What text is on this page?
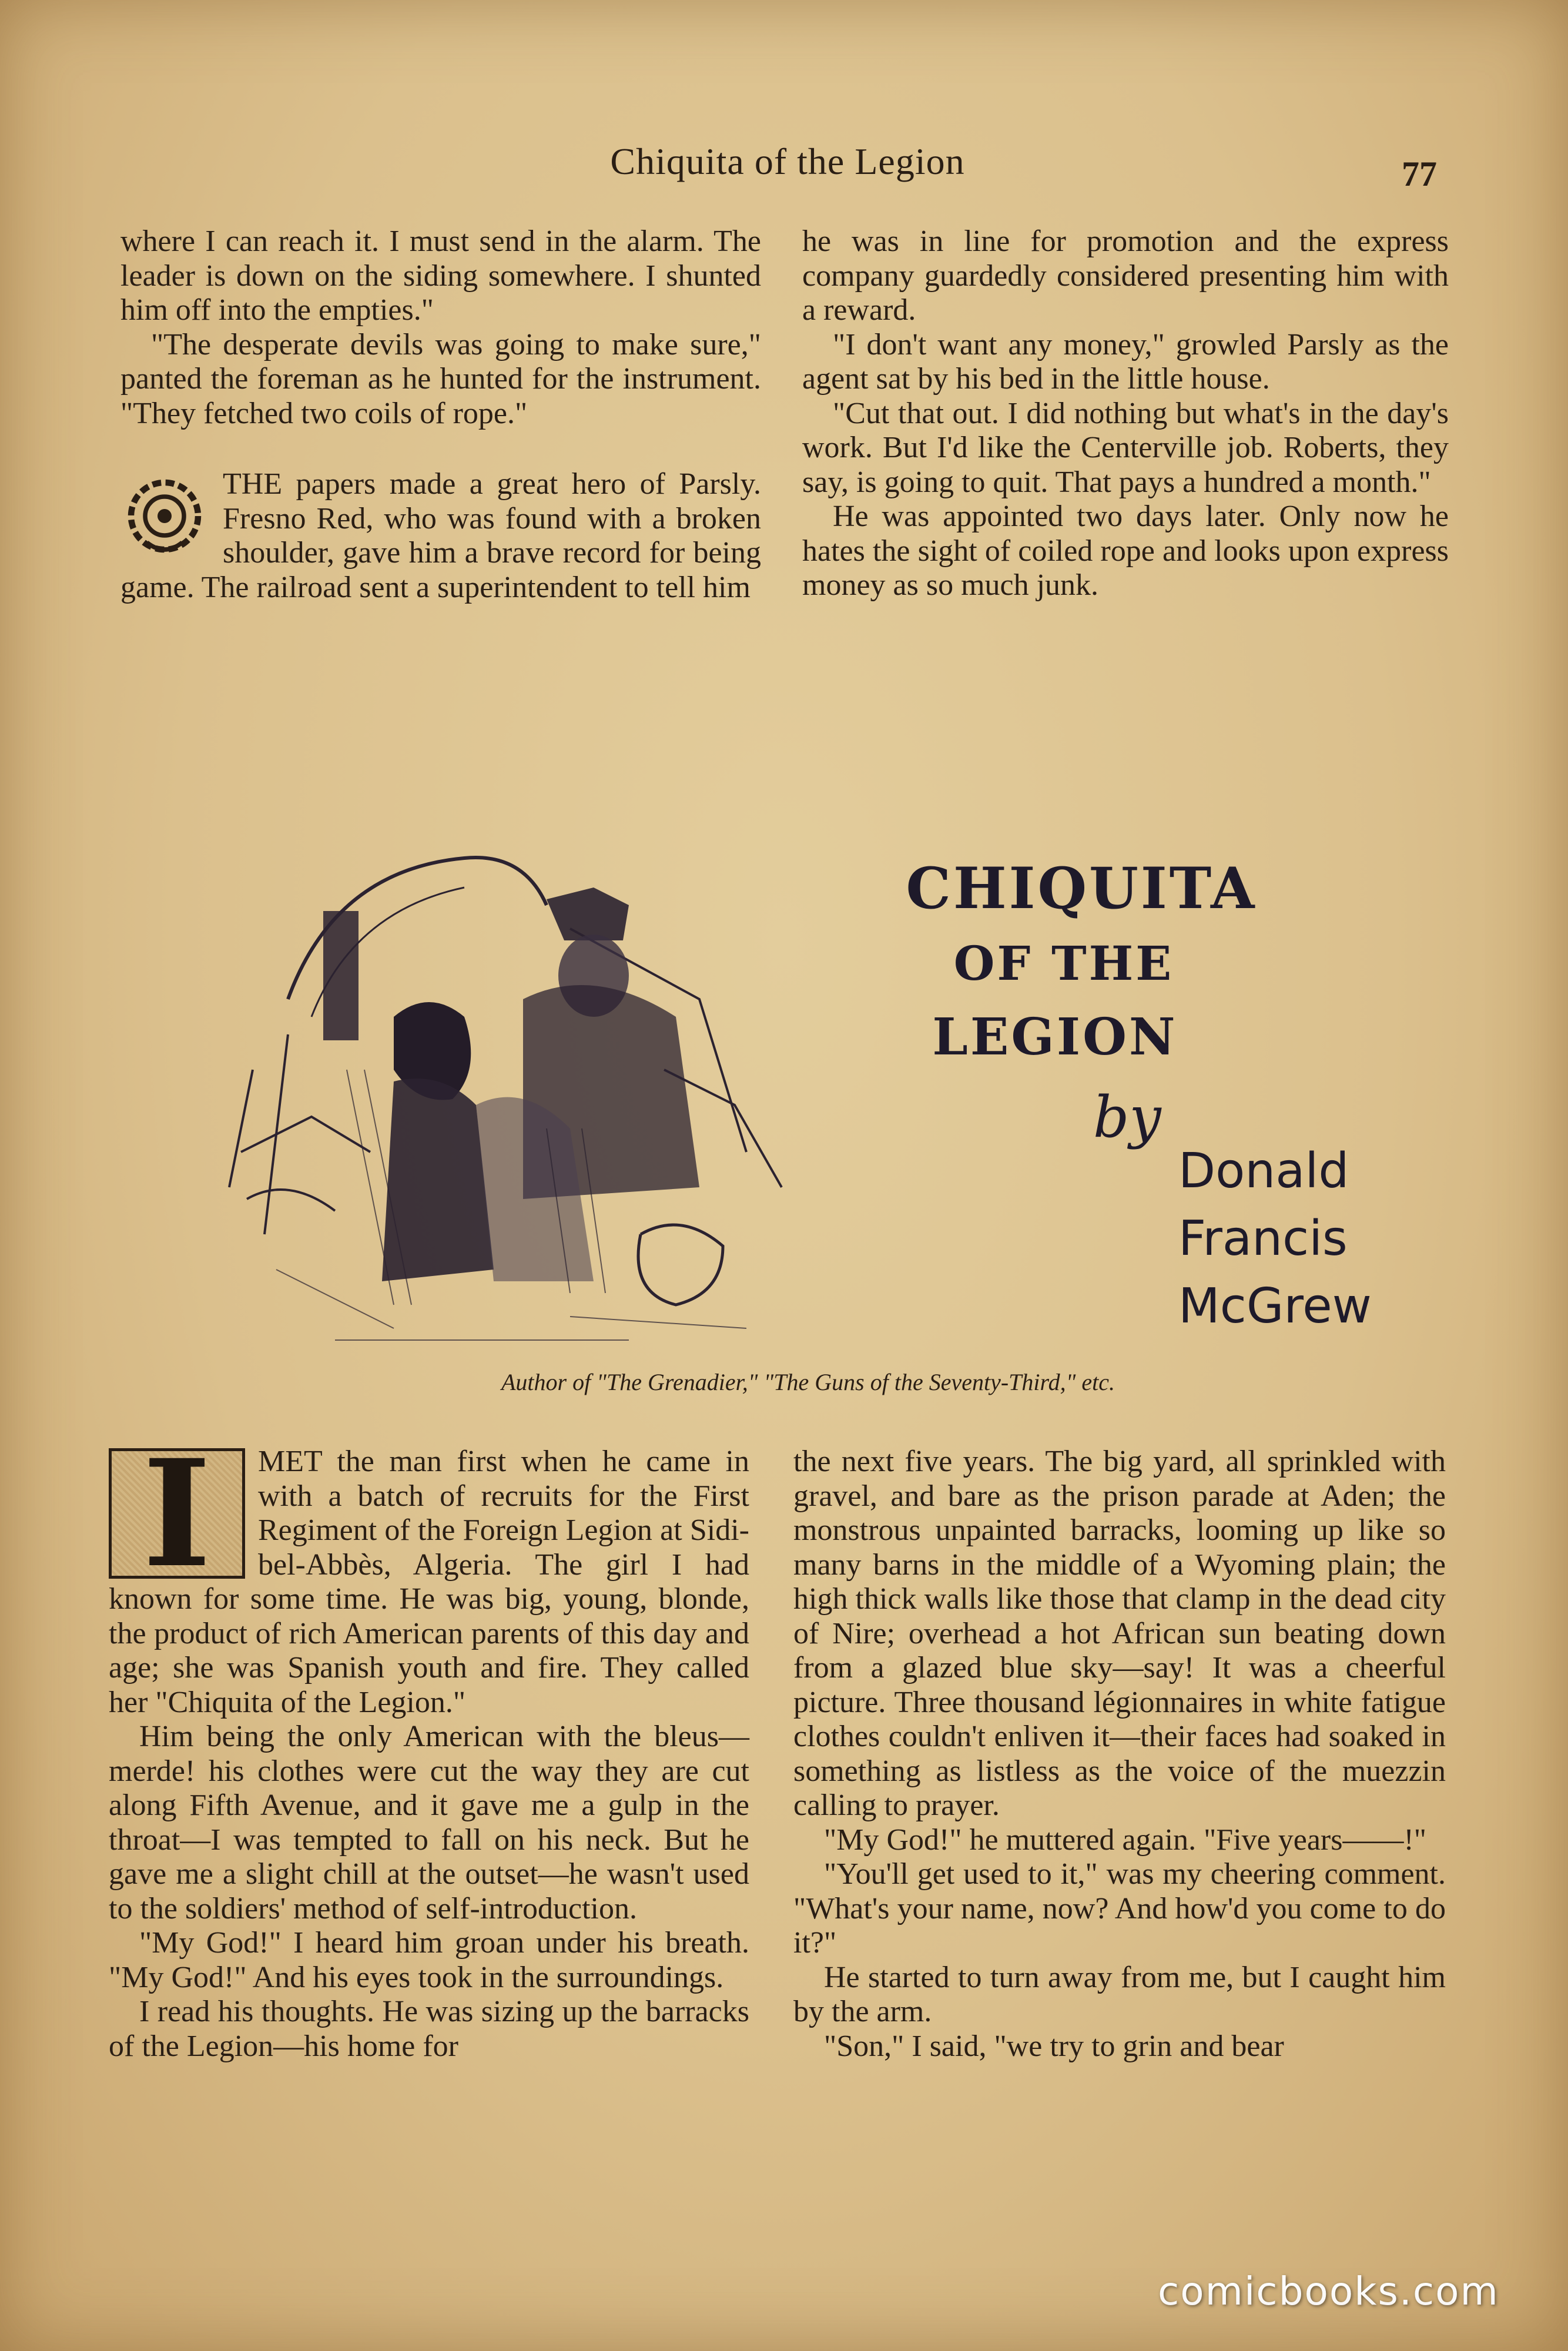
Chiquita of the Legion	77

where I can reach it. I must send in the alarm. The leader is down on the siding somewhere. I shunted him off into the empties."

"The desperate devils was going to make sure," panted the foreman as he hunted for the instrument. "They fetched two coils of rope."

THE papers made a great hero of Parsly. Fresno Red, who was found with a broken shoulder, gave him a brave record for being game. The railroad sent a superintendent to tell him

he was in line for promotion and the express company guardedly considered presenting him with a reward.

"I don't want any money," growled Parsly as the agent sat by his bed in the little house.

"Cut that out. I did nothing but what's in the day's work. But I'd like the Centerville job. Roberts, they say, is going to quit. That pays a hundred a month."

He was appointed two days later. Only now he hates the sight of coiled rope and looks upon express money as so much junk.

CHIQUITA
OF THE
LEGION
by
Donald
Francis
McGrew
Author of "The Grenadier," "The Guns of the Seventy-Third," etc.

I MET the man first when he came in with a batch of recruits for the First Regiment of the Foreign Legion at Sidi-bel-Abbès, Algeria. The girl I had known for some time. He was big, young, blonde, the product of rich American parents of this day and age; she was Spanish youth and fire. They called her "Chiquita of the Legion."

Him being the only American with the bleus—merde! his clothes were cut the way they are cut along Fifth Avenue, and it gave me a gulp in the throat—I was tempted to fall on his neck. But he gave me a slight chill at the outset—he wasn't used to the soldiers' method of self-introduction.

"My God!" I heard him groan under his breath. "My God!" And his eyes took in the surroundings.

I read his thoughts. He was sizing up the barracks of the Legion—his home for

the next five years. The big yard, all sprinkled with gravel, and bare as the prison parade at Aden; the monstrous unpainted barracks, looming up like so many barns in the middle of a Wyoming plain; the high thick walls like those that clamp in the dead city of Nire; overhead a hot African sun beating down from a glazed blue sky—say! It was a cheerful picture. Three thousand légionnaires in white fatigue clothes couldn't enliven it—their faces had soaked in something as listless as the voice of the muezzin calling to prayer.

"My God!" he muttered again. "Five years——!"

"You'll get used to it," was my cheering comment. "What's your name, now? And how'd you come to do it?"

He started to turn away from me, but I caught him by the arm.

"Son," I said, "we try to grin and bear

comicbooks.com
